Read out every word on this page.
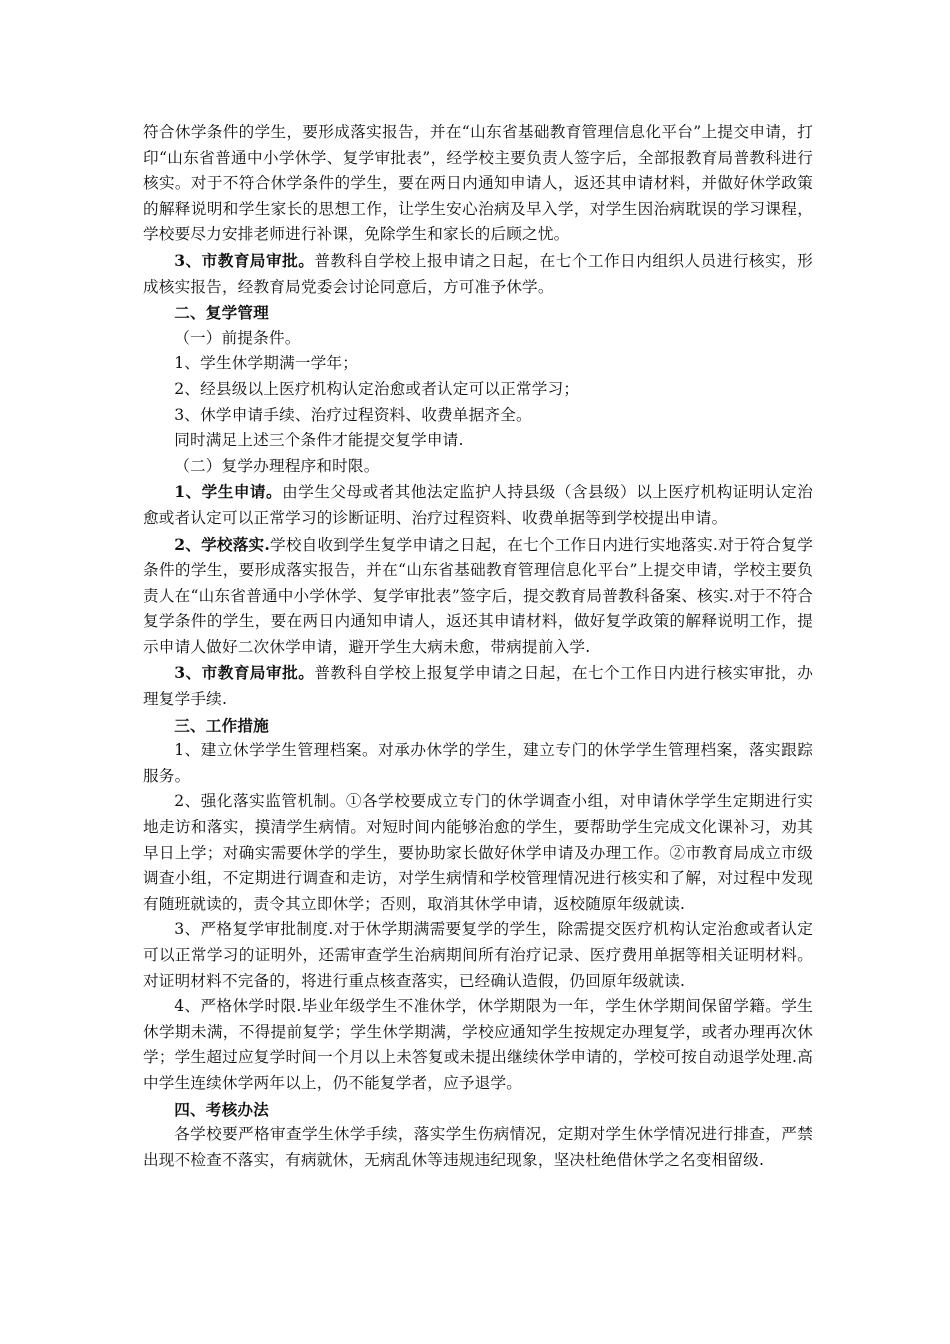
符合休学条件的学生，要形成落实报告，并在“山东省基础教育管理信息化平台”上提交申请，打印“山东省普通中小学休学、复学审批表”，经学校主要负责人签字后，全部报教育局普教科进行核实。对于不符合休学条件的学生，要在两日内通知申请人，返还其申请材料，并做好休学政策的解释说明和学生家长的思想工作，让学生安心治病及早入学，对学生因治病耽误的学习课程，学校要尽力安排老师进行补课，免除学生和家长的后顾之忧。

3、市教育局审批。普教科自学校上报申请之日起，在七个工作日内组织人员进行核实，形成核实报告，经教育局党委会讨论同意后，方可准予休学。

二、复学管理

（一）前提条件。

1、学生休学期满一学年；

2、经县级以上医疗机构认定治愈或者认定可以正常学习；

3、休学申请手续、治疗过程资料、收费单据齐全。

同时满足上述三个条件才能提交复学申请.

（二）复学办理程序和时限。

1、学生申请。由学生父母或者其他法定监护人持县级（含县级）以上医疗机构证明认定治愈或者认定可以正常学习的诊断证明、治疗过程资料、收费单据等到学校提出申请。

2、学校落实.学校自收到学生复学申请之日起，在七个工作日内进行实地落实.对于符合复学条件的学生，要形成落实报告，并在“山东省基础教育管理信息化平台”上提交申请，学校主要负责人在“山东省普通中小学休学、复学审批表”签字后，提交教育局普教科备案、核实.对于不符合复学条件的学生，要在两日内通知申请人，返还其申请材料，做好复学政策的解释说明工作，提示申请人做好二次休学申请，避开学生大病未愈，带病提前入学.

3、市教育局审批。普教科自学校上报复学申请之日起，在七个工作日内进行核实审批，办理复学手续.

三、工作措施

1、建立休学学生管理档案。对承办休学的学生，建立专门的休学学生管理档案，落实跟踪服务。

2、强化落实监管机制。①各学校要成立专门的休学调查小组，对申请休学学生定期进行实地走访和落实，摸清学生病情。对短时间内能够治愈的学生，要帮助学生完成文化课补习，劝其早日上学；对确实需要休学的学生，要协助家长做好休学申请及办理工作。②市教育局成立市级调查小组，不定期进行调查和走访，对学生病情和学校管理情况进行核实和了解，对过程中发现有随班就读的，责令其立即休学；否则，取消其休学申请，返校随原年级就读.

3、严格复学审批制度.对于休学期满需要复学的学生，除需提交医疗机构认定治愈或者认定可以正常学习的证明外，还需审查学生治病期间所有治疗记录、医疗费用单据等相关证明材料。对证明材料不完备的，将进行重点核查落实，已经确认造假，仍回原年级就读.

4、严格休学时限.毕业年级学生不准休学，休学期限为一年，学生休学期间保留学籍。学生休学期未满，不得提前复学；学生休学期满，学校应通知学生按规定办理复学，或者办理再次休学；学生超过应复学时间一个月以上未答复或未提出继续休学申请的，学校可按自动退学处理.高中学生连续休学两年以上，仍不能复学者，应予退学。

四、考核办法

各学校要严格审查学生休学手续，落实学生伤病情况，定期对学生休学情况进行排查，严禁出现不检查不落实，有病就休，无病乱休等违规违纪现象，坚决杜绝借休学之名变相留级.
